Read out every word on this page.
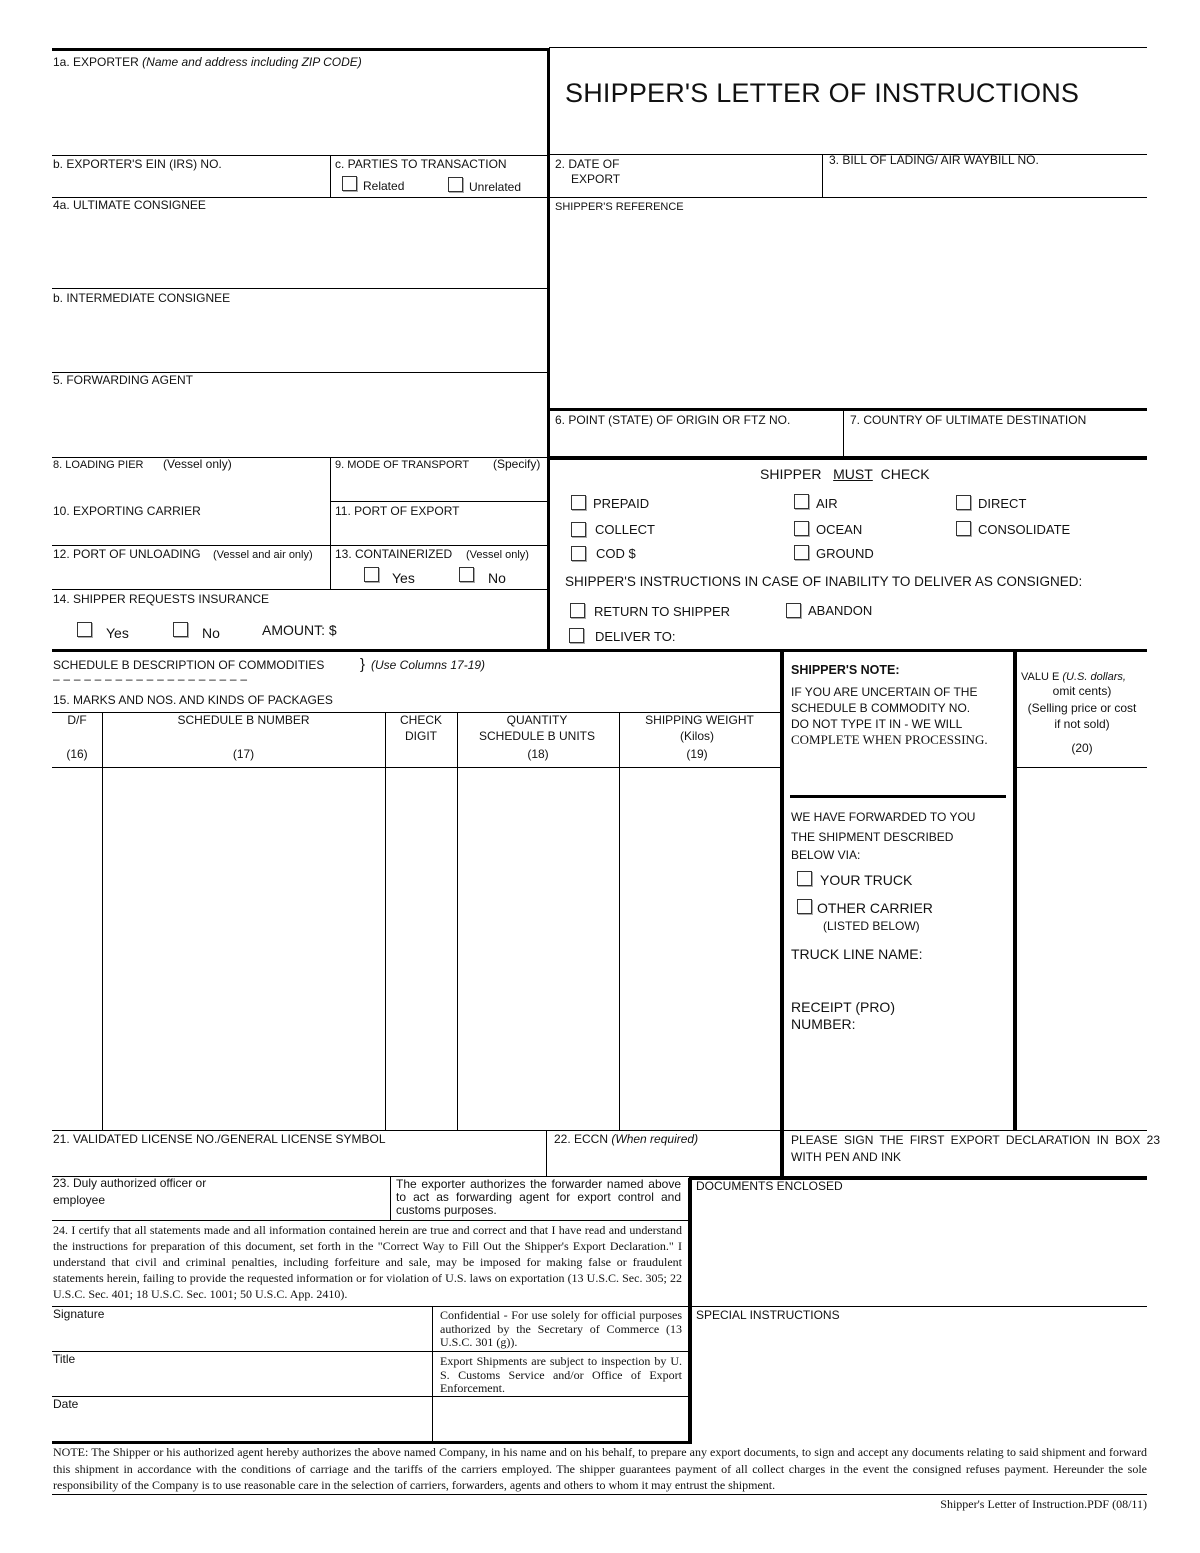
SHIPPER'S LETTER OF INSTRUCTIONS
1a. EXPORTER (Name and address including ZIP CODE)
b. EXPORTER'S EIN (IRS) NO.	c. PARTIES TO TRANSACTION
Related	Unrelated
2. DATE OF
EXPORT
3. BILL OF LADING/ AIR WAYBILL NO.
4a. ULTIMATE CONSIGNEE	SHIPPER'S REFERENCE
b. INTERMEDIATE CONSIGNEE
5. FORWARDING AGENT
6. POINT (STATE) OF ORIGIN OR FTZ NO.	7. COUNTRY OF ULTIMATE DESTINATION
8. LOADING PIER (Vessel only)	9. MODE OF TRANSPORT (Specify)
10. EXPORTING CARRIER	11. PORT OF EXPORT
12. PORT OF UNLOADING (Vessel and air only) 13. CONTAINERIZED (Vessel only)
Yes	No
14. SHIPPER REQUESTS INSURANCE
Yes	No	AMOUNT: $
SHIPPER MUST CHECK
PREPAID
COLLECT
COD $
AIR
OCEAN
GROUND
DIRECT
CONSOLIDATE
SHIPPER'S INSTRUCTIONS IN CASE OF INABILITY TO DELIVER AS CONSIGNED:
RETURN TO SHIPPER	ABANDON
DELIVER TO:
SCHEDULE B DESCRIPTION OF COMMODITIES } (Use Columns 17-19)
– – – – – – – – – – – – – – – – – – –
15. MARKS AND NOS. AND KINDS OF PACKAGES
D/F
(16)
SCHEDULE B NUMBER
(17)
CHECK
DIGIT
QUANTITY
SCHEDULE B UNITS
(18)
SHIPPING WEIGHT
(Kilos)
(19)
SHIPPER'S NOTE:
IF YOU ARE UNCERTAIN OF THE
SCHEDULE B COMMODITY NO.
DO NOT TYPE IT IN - WE WILL
COMPLETE WHEN PROCESSING.
VALU E (U.S. dollars,
omit cents)
(Selling price or cost
if not sold)
(20)
WE HAVE FORWARDED TO YOU
THE SHIPMENT DESCRIBED
BELOW VIA:
YOUR TRUCK
OTHER CARRIER
(LISTED BELOW)
TRUCK LINE NAME:
RECEIPT (PRO)
NUMBER:
21. VALIDATED LICENSE NO./GENERAL LICENSE SYMBOL	22. ECCN (When required)	PLEASE SIGN THE FIRST EXPORT DECLARATION IN BOX 23
WITH PEN AND INK
23. Duly authorized officer or
employee
The exporter authorizes the forwarder named above to act as forwarding agent for export control and customs purposes.
DOCUMENTS ENCLOSED
24. I certify that all statements made and all information contained herein are true and correct and that I have read and understand the instructions for preparation of this document, set forth in the "Correct Way to Fill Out the Shipper's Export Declaration." I understand that civil and criminal penalties, including forfeiture and sale, may be imposed for making false or fraudulent statements herein, failing to provide the requested information or for violation of U.S. laws on exportation (13 U.S.C. Sec. 305; 22 U.S.C. Sec. 401; 18 U.S.C. Sec. 1001; 50 U.S.C. App. 2410).
Signature
Title
Date
Confidential - For use solely for official purposes authorized by the Secretary of Commerce (13 U.S.C. 301 (g)).
Export Shipments are subject to inspection by U. S. Customs Service and/or Office of Export Enforcement.
SPECIAL INSTRUCTIONS
NOTE: The Shipper or his authorized agent hereby authorizes the above named Company, in his name and on his behalf, to prepare any export documents, to sign and accept any documents relating to said shipment and forward this shipment in accordance with the conditions of carriage and the tariffs of the carriers employed. The shipper guarantees payment of all collect charges in the event the consigned refuses payment. Hereunder the sole responsibility of the Company is to use reasonable care in the selection of carriers, forwarders, agents and others to whom it may entrust the shipment.
Shipper's Letter of Instruction.PDF (08/11)
